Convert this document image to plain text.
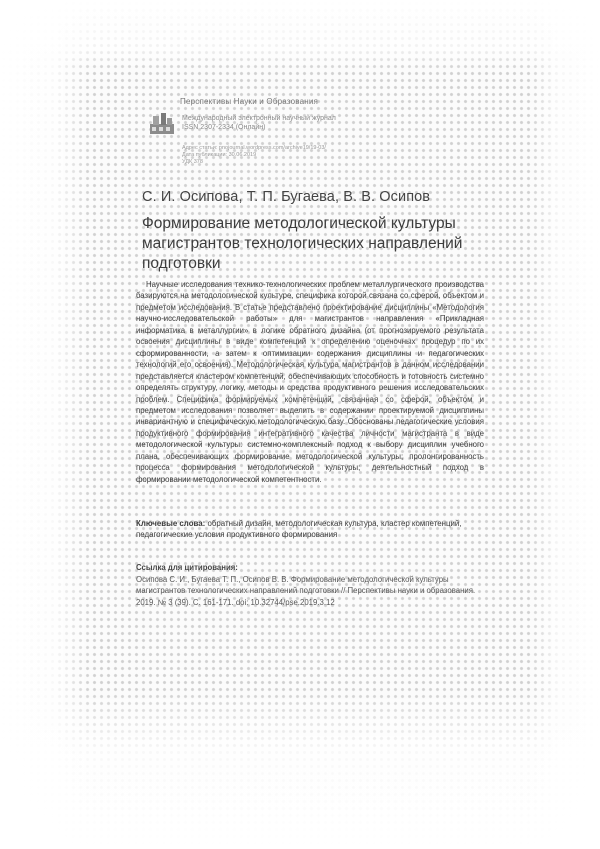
Перспективы Науки и Образования
Международный электронный научный журнал
ISSN 2307-2334 (Онлайн)
Адрес статьи: pnojournal.wordpress.com/archive19/19-03/
Дата публикации: 30.06.2019
УДК 378
С. И. Осипова, Т. П. Бугаева, В. В. Осипов
Формирование методологической культуры
магистрантов технологических направлений
подготовки
Научные исследования технико-технологических проблем металлургического производства базируются на методологической культуре, специфика которой связана со сферой, объектом и предметом исследования. В статье представлено проектирование дисциплины «Методология научно-исследовательской работы» для магистрантов направления «Прикладная информатика в металлургии» в логике обратного дизайна (от прогнозируемого результата освоения дисциплины в виде компетенций к определению оценочных процедур по их сформированности, а затем к оптимизации содержания дисциплины и педагогических технологий его освоения). Методологическая культура магистрантов в данном исследовании представляется кластером компетенций, обеспечивающих способность и готовность системно определять структуру, логику, методы и средства продуктивного решения исследовательских проблем. Специфика формируемых компетенций, связанная со сферой, объектом и предметом исследования позволяет выделить в содержании проектируемой дисциплины инвариантную и специфическую методологическую базу. Обоснованы педагогические условия продуктивного формирования интегративного качества личности магистранта в виде методологической культуры: системно-комплексный подход к выбору дисциплин учебного плана, обеспечивающих формирование методологической культуры; пролонгированность процесса формирования методологической культуры; деятельностный подход в формировании методологической компетентности.
Ключевые слова: обратный дизайн, методологическая культура, кластер компетенций, педагогические условия продуктивного формирования
Ссылка для цитирования:
Осипова С. И., Бугаева Т. П., Осипов В. В. Формирование методологической культуры магистрантов технологических направлений подготовки // Перспективы науки и образования. 2019. № 3 (39). С. 161-171. doi: 10.32744/pse.2019.3.12
